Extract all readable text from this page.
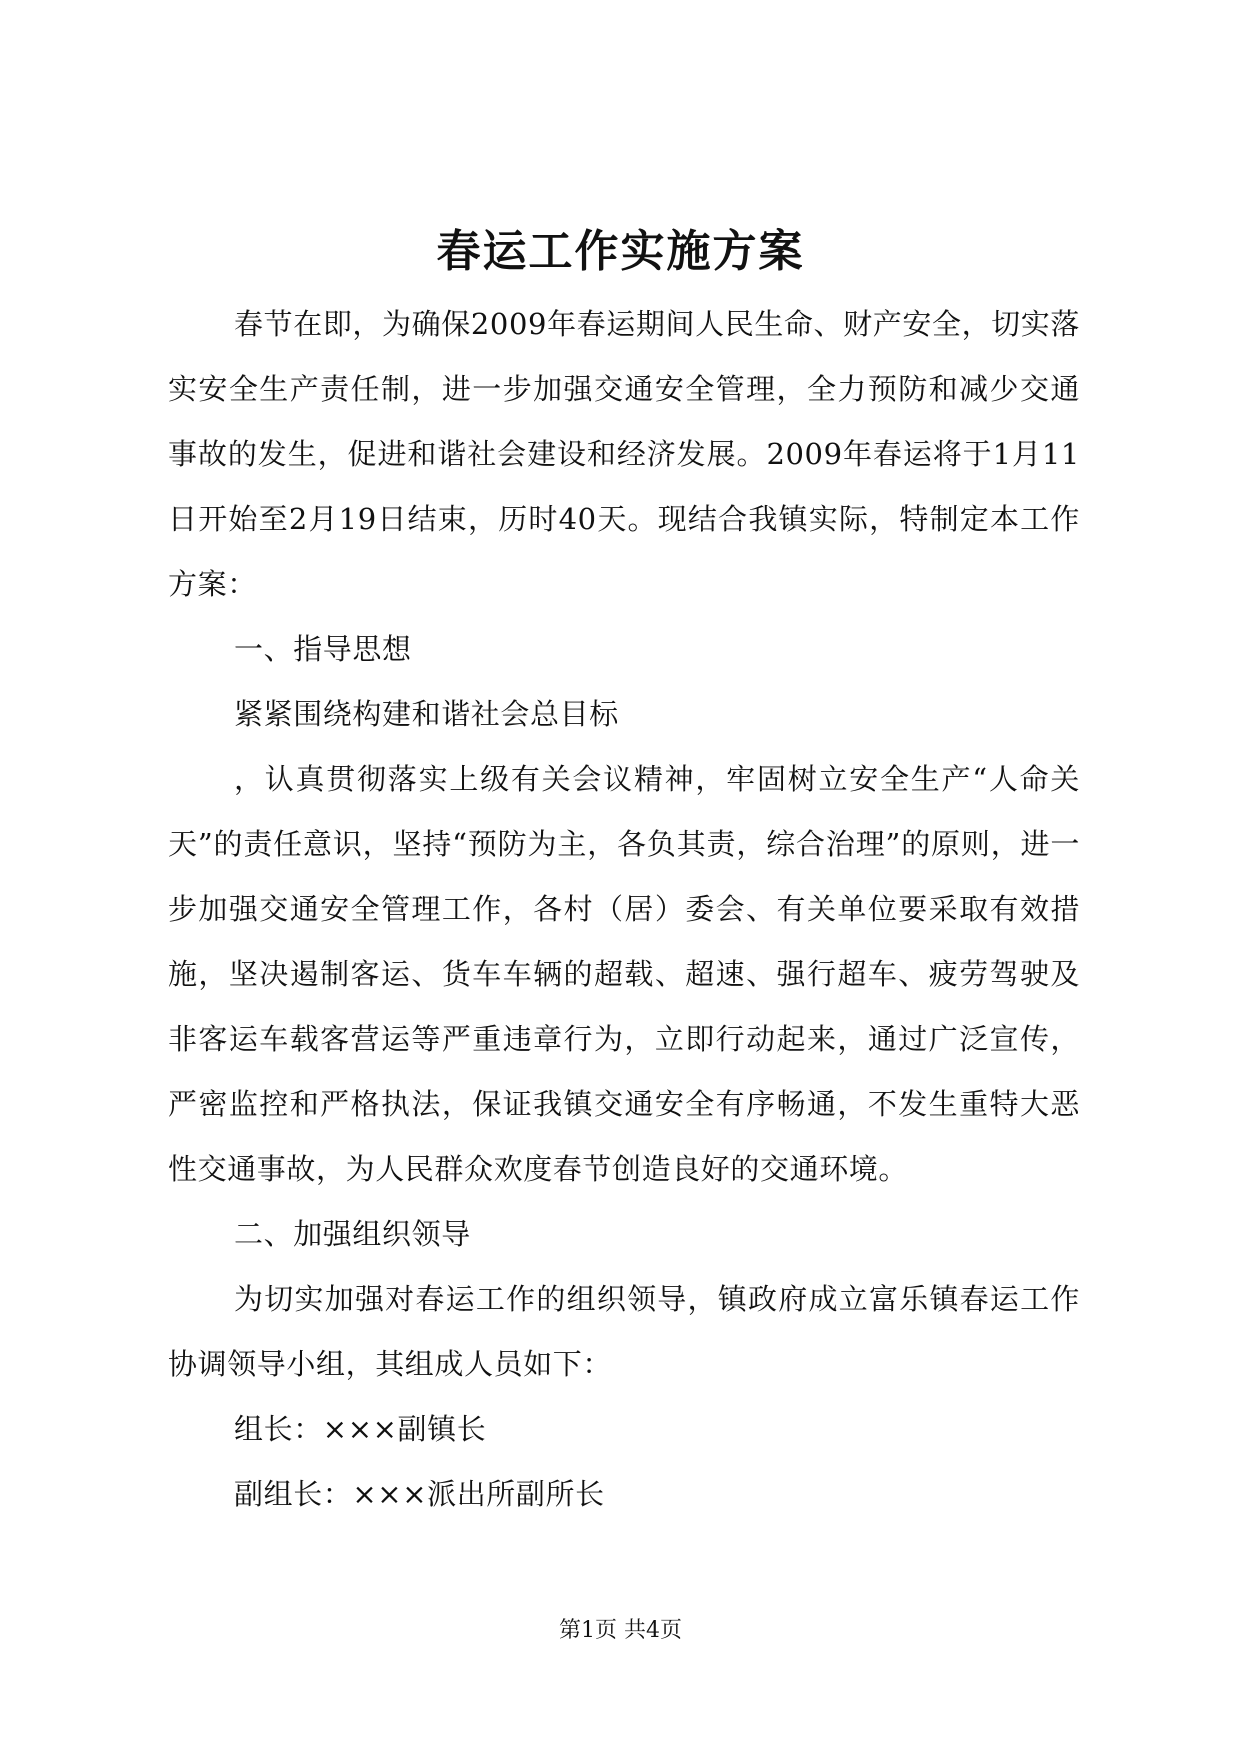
春运工作实施方案

春节在即，为确保2009年春运期间人民生命、财产安全，切实落实安全生产责任制，进一步加强交通安全管理，全力预防和减少交通事故的发生，促进和谐社会建设和经济发展。2009年春运将于1月11日开始至2月19日结束，历时40天。现结合我镇实际，特制定本工作方案：

一、指导思想

紧紧围绕构建和谐社会总目标

，认真贯彻落实上级有关会议精神，牢固树立安全生产“人命关天”的责任意识，坚持“预防为主，各负其责，综合治理”的原则，进一步加强交通安全管理工作，各村（居）委会、有关单位要采取有效措施，坚决遏制客运、货车车辆的超载、超速、强行超车、疲劳驾驶及非客运车载客营运等严重违章行为，立即行动起来，通过广泛宣传，严密监控和严格执法，保证我镇交通安全有序畅通，不发生重特大恶性交通事故，为人民群众欢度春节创造良好的交通环境。

二、加强组织领导

为切实加强对春运工作的组织领导，镇政府成立富乐镇春运工作协调领导小组，其组成人员如下：

组长：×××副镇长

副组长：×××派出所副所长

第1页 共4页
